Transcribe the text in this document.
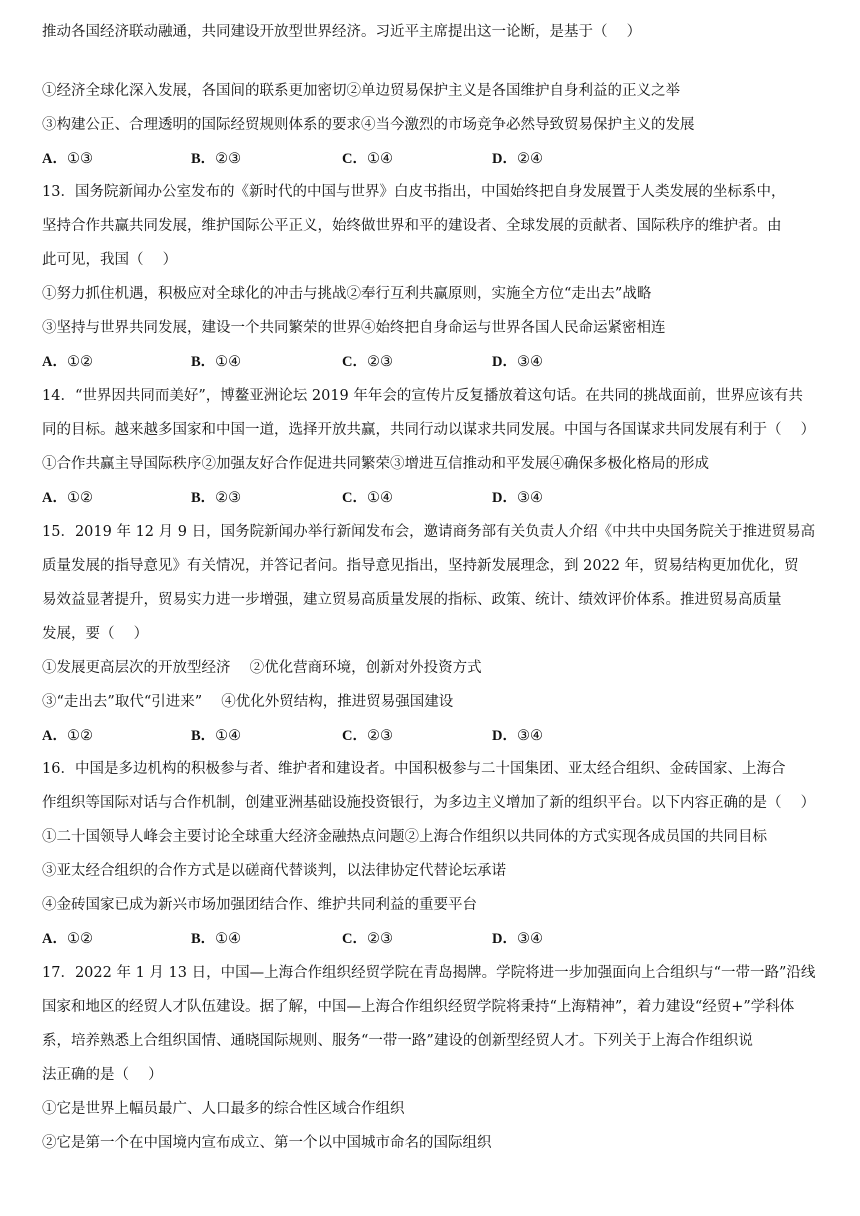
推动各国经济联动融通，共同建设开放型世界经济。习近平主席提出这一论断，是基于（　 ）
①经济全球化深入发展，各国间的联系更加密切②单边贸易保护主义是各国维护自身利益的正义之举
③构建公正、合理透明的国际经贸规则体系的要求④当今激烈的市场竞争必然导致贸易保护主义的发展
A．①③	B．②③	C．①④	D．②④
13．国务院新闻办公室发布的《新时代的中国与世界》白皮书指出，中国始终把自身发展置于人类发展的坐标系中，
坚持合作共赢共同发展，维护国际公平正义，始终做世界和平的建设者、全球发展的贡献者、国际秩序的维护者。由
此可见，我国（　 ）
①努力抓住机遇，积极应对全球化的冲击与挑战②奉行互利共赢原则，实施全方位“走出去”战略
③坚持与世界共同发展，建设一个共同繁荣的世界④始终把自身命运与世界各国人民命运紧密相连
A．①②	B．①④	C．②③	D．③④
14．“世界因共同而美好”，博鳌亚洲论坛 2019 年年会的宣传片反复播放着这句话。在共同的挑战面前，世界应该有共
同的目标。越来越多国家和中国一道，选择开放共赢，共同行动以谋求共同发展。中国与各国谋求共同发展有利于（　 ）
①合作共赢主导国际秩序②加强友好合作促进共同繁荣③增进互信推动和平发展④确保多极化格局的形成
A．①②	B．②③	C．①④	D．③④
15．2019 年 12 月 9 日，国务院新闻办举行新闻发布会，邀请商务部有关负责人介绍《中共中央国务院关于推进贸易高
质量发展的指导意见》有关情况，并答记者问。指导意见指出，坚持新发展理念，到 2022 年，贸易结构更加优化，贸
易效益显著提升，贸易实力进一步增强，建立贸易高质量发展的指标、政策、统计、绩效评价体系。推进贸易高质量
发展，要（　 ）
①发展更高层次的开放型经济　 ②优化营商环境，创新对外投资方式
③“走出去”取代“引进来”　 ④优化外贸结构，推进贸易强国建设
A．①②	B．①④	C．②③	D．③④
16．中国是多边机构的积极参与者、维护者和建设者。中国积极参与二十国集团、亚太经合组织、金砖国家、上海合
作组织等国际对话与合作机制，创建亚洲基础设施投资银行，为多边主义增加了新的组织平台。以下内容正确的是（　 ）
①二十国领导人峰会主要讨论全球重大经济金融热点问题②上海合作组织以共同体的方式实现各成员国的共同目标
③亚太经合组织的合作方式是以磋商代替谈判，以法律协定代替论坛承诺
④金砖国家已成为新兴市场加强团结合作、维护共同利益的重要平台
A．①②	B．①④	C．②③	D．③④
17．2022 年 1 月 13 日，中国—上海合作组织经贸学院在青岛揭牌。学院将进一步加强面向上合组织与“一带一路”沿线
国家和地区的经贸人才队伍建设。据了解，中国—上海合作组织经贸学院将秉持“上海精神”，着力建设“经贸+”学科体
系，培养熟悉上合组织国情、通晓国际规则、服务“一带一路”建设的创新型经贸人才。下列关于上海合作组织说
法正确的是（　 ）
①它是世界上幅员最广、人口最多的综合性区域合作组织
②它是第一个在中国境内宣布成立、第一个以中国城市命名的国际组织
